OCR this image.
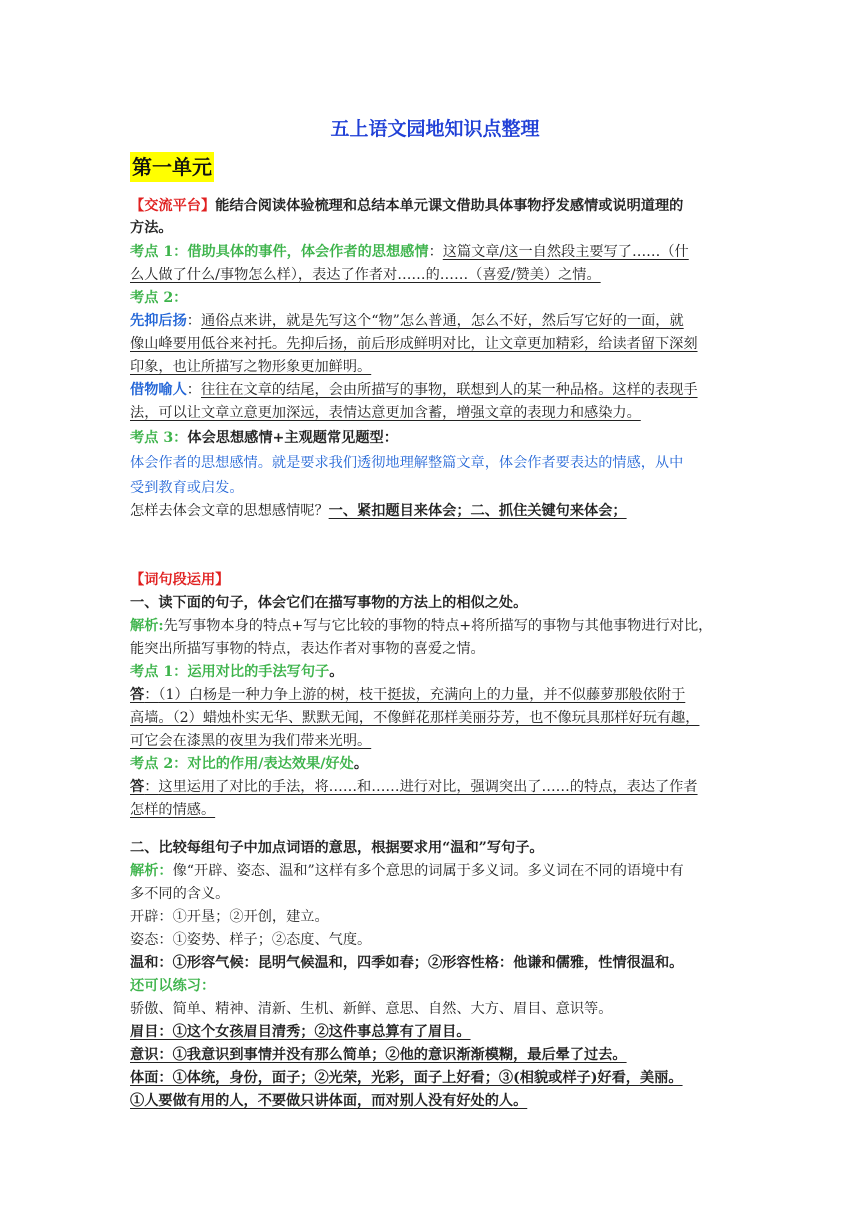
五上语文园地知识点整理
第一单元
【交流平台】能结合阅读体验梳理和总结本单元课文借助具体事物抒发感情或说明道理的
方法。
考点 1：借助具体的事件，体会作者的思想感情：这篇文章/这一自然段主要写了……（什
么人做了什么/事物怎么样），表达了作者对……的……（喜爱/赞美）之情。
考点 2：
先抑后扬：通俗点来讲，就是先写这个“物”怎么普通，怎么不好，然后写它好的一面，就
像山峰要用低谷来衬托。先抑后扬，前后形成鲜明对比，让文章更加精彩，给读者留下深刻
印象，也让所描写之物形象更加鲜明。
借物喻人：往往在文章的结尾，会由所描写的事物，联想到人的某一种品格。这样的表现手
法，可以让文章立意更加深远，表情达意更加含蓄，增强文章的表现力和感染力。
考点 3：体会思想感情+主观题常见题型：
体会作者的思想感情。就是要求我们透彻地理解整篇文章，体会作者要表达的情感，从中
受到教育或启发。
怎样去体会文章的思想感情呢？一、紧扣题目来体会；二、抓住关键句来体会；
【词句段运用】
一、读下面的句子，体会它们在描写事物的方法上的相似之处。
解析:先写事物本身的特点+写与它比较的事物的特点+将所描写的事物与其他事物进行对比，
能突出所描写事物的特点，表达作者对事物的喜爱之情。
考点 1：运用对比的手法写句子。
答：（1）白杨是一种力争上游的树，枝干挺拔，充满向上的力量，并不似藤萝那般依附于
高墙。（2）蜡烛朴实无华、默默无闻，不像鲜花那样美丽芬芳，也不像玩具那样好玩有趣，
可它会在漆黑的夜里为我们带来光明。
考点 2：对比的作用/表达效果/好处。
答：这里运用了对比的手法，将……和……进行对比，强调突出了……的特点，表达了作者
怎样的情感。
二、比较每组句子中加点词语的意思，根据要求用“温和”写句子。
解析：像“开辟、姿态、温和”这样有多个意思的词属于多义词。多义词在不同的语境中有
多不同的含义。
开辟：①开垦；②开创，建立。
姿态：①姿势、样子；②态度、气度。
温和：①形容气候：昆明气候温和，四季如春；②形容性格：他谦和儒雅，性情很温和。
还可以练习：
骄傲、简单、精神、清新、生机、新鲜、意思、自然、大方、眉目、意识等。
眉目：①这个女孩眉目清秀；②这件事总算有了眉目。
意识：①我意识到事情并没有那么简单；②他的意识渐渐模糊，最后晕了过去。
体面：①体统，身份，面子；②光荣，光彩，面子上好看；③(相貌或样子)好看，美丽。
①人要做有用的人，不要做只讲体面，而对别人没有好处的人。
